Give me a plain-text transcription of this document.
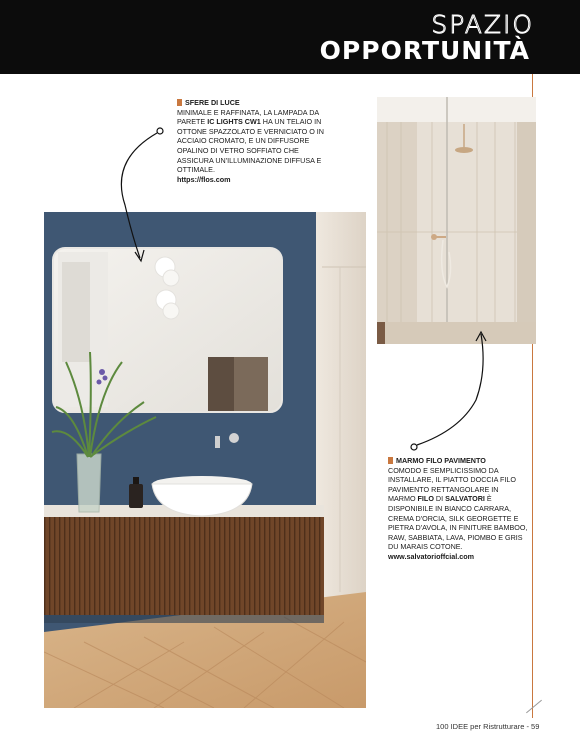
SPAZIO
OPPORTUNITÀ
SFERE DI LUCE
MINIMALE E RAFFINATA, LA LAMPADA DA PARETE IC LIGHTS CW1 HA UN TELAIO IN OTTONE SPAZZOLATO E VERNICIATO O IN ACCIAIO CROMATO, E UN DIFFUSORE OPALINO DI VETRO SOFFIATO CHE ASSICURA UN'ILLUMINAZIONE DIFFUSA E OTTIMALE.
https://flos.com
MARMO FILO PAVIMENTO
COMODO E SEMPLICISSIMO DA INSTALLARE, IL PIATTO DOCCIA FILO PAVIMENTO RETTANGOLARE IN MARMO FILO DI SALVATORI È DISPONIBILE IN BIANCO CARRARA, CREMA D'ORCIA, SILK GEORGETTE E PIETRA D'AVOLA, IN FINITURE BAMBOO, RAW, SABBIATA, LAVA, PIOMBO E GRIS DU MARAIS COTONE.
www.salvatorioffcial.com
100 IDEE per Ristrutturare - 59
